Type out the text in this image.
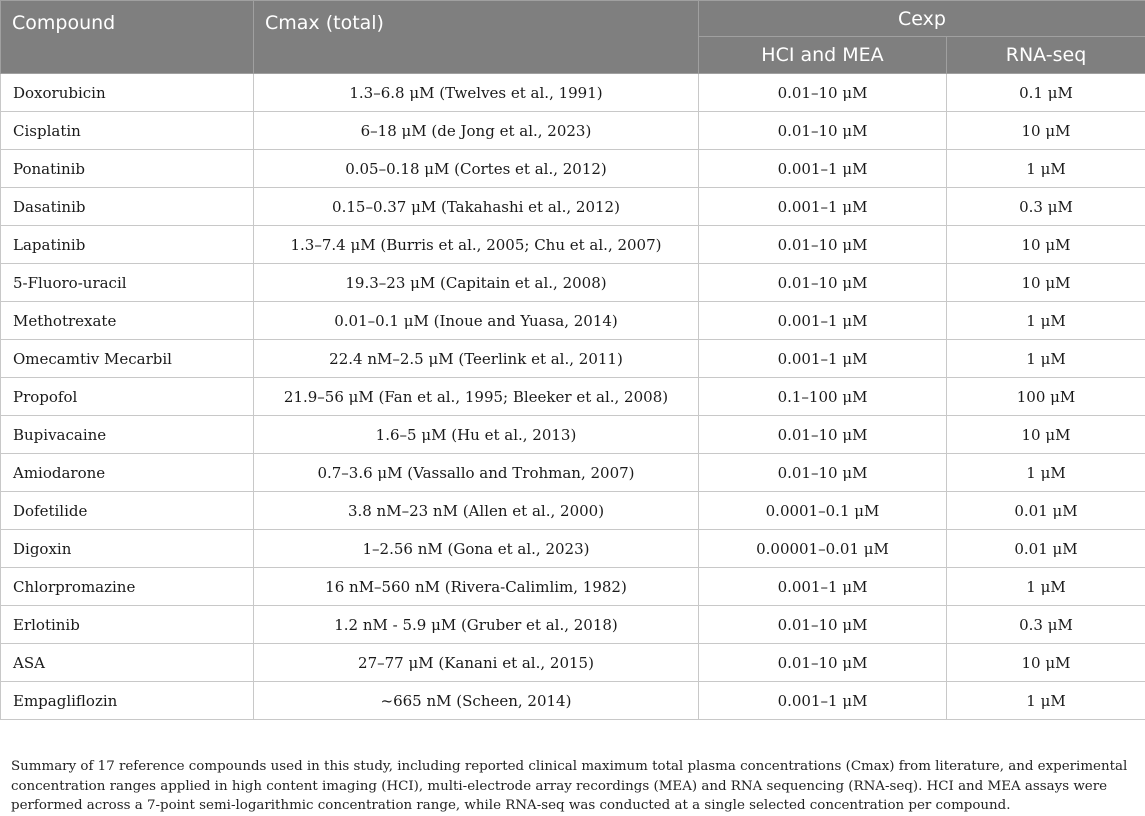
Compound	Cmax (total)	Cexp	
		HCI and MEA	RNA-seq
Doxorubicin	1.3–6.8 μM (Twelves et al., 1991)	0.01–10 μM	0.1 μM
Cisplatin	6–18 μM (de Jong et al., 2023)	0.01–10 μM	10 μM
Ponatinib	0.05–0.18 μM (Cortes et al., 2012)	0.001–1 μM	1 μM
Dasatinib	0.15–0.37 μM (Takahashi et al., 2012)	0.001–1 μM	0.3 μM
Lapatinib	1.3–7.4 μM (Burris et al., 2005; Chu et al., 2007)	0.01–10 μM	10 μM
5-Fluoro-uracil	19.3–23 μM (Capitain et al., 2008)	0.01–10 μM	10 μM
Methotrexate	0.01–0.1 μM (Inoue and Yuasa, 2014)	0.001–1 μM	1 μM
Omecamtiv Mecarbil	22.4 nM–2.5 μM (Teerlink et al., 2011)	0.001–1 μM	1 μM
Propofol	21.9–56 μM (Fan et al., 1995; Bleeker et al., 2008)	0.1–100 μM	100 μM
Bupivacaine	1.6–5 μM (Hu et al., 2013)	0.01–10 μM	10 μM
Amiodarone	0.7–3.6 μM (Vassallo and Trohman, 2007)	0.01–10 μM	1 μM
Dofetilide	3.8 nM–23 nM (Allen et al., 2000)	0.0001–0.1 μM	0.01 μM
Digoxin	1–2.56 nM (Gona et al., 2023)	0.00001–0.01 μM	0.01 μM
Chlorpromazine	16 nM–560 nM (Rivera-Calimlim, 1982)	0.001–1 μM	1 μM
Erlotinib	1.2 nM - 5.9 μM (Gruber et al., 2018)	0.01–10 μM	0.3 μM
ASA	27–77 μM (Kanani et al., 2015)	0.01–10 μM	10 μM
Empagliflozin	~665 nM (Scheen, 2014)	0.001–1 μM	1 μM
Summary of 17 reference compounds used in this study, including reported clinical maximum total plasma concentrations (Cmax) from literature, and experimental concentration ranges applied in high content imaging (HCI), multi-electrode array recordings (MEA) and RNA sequencing (RNA-seq). HCI and MEA assays were performed across a 7-point semi-logarithmic concentration range, while RNA-seq was conducted at a single selected concentration per compound.
